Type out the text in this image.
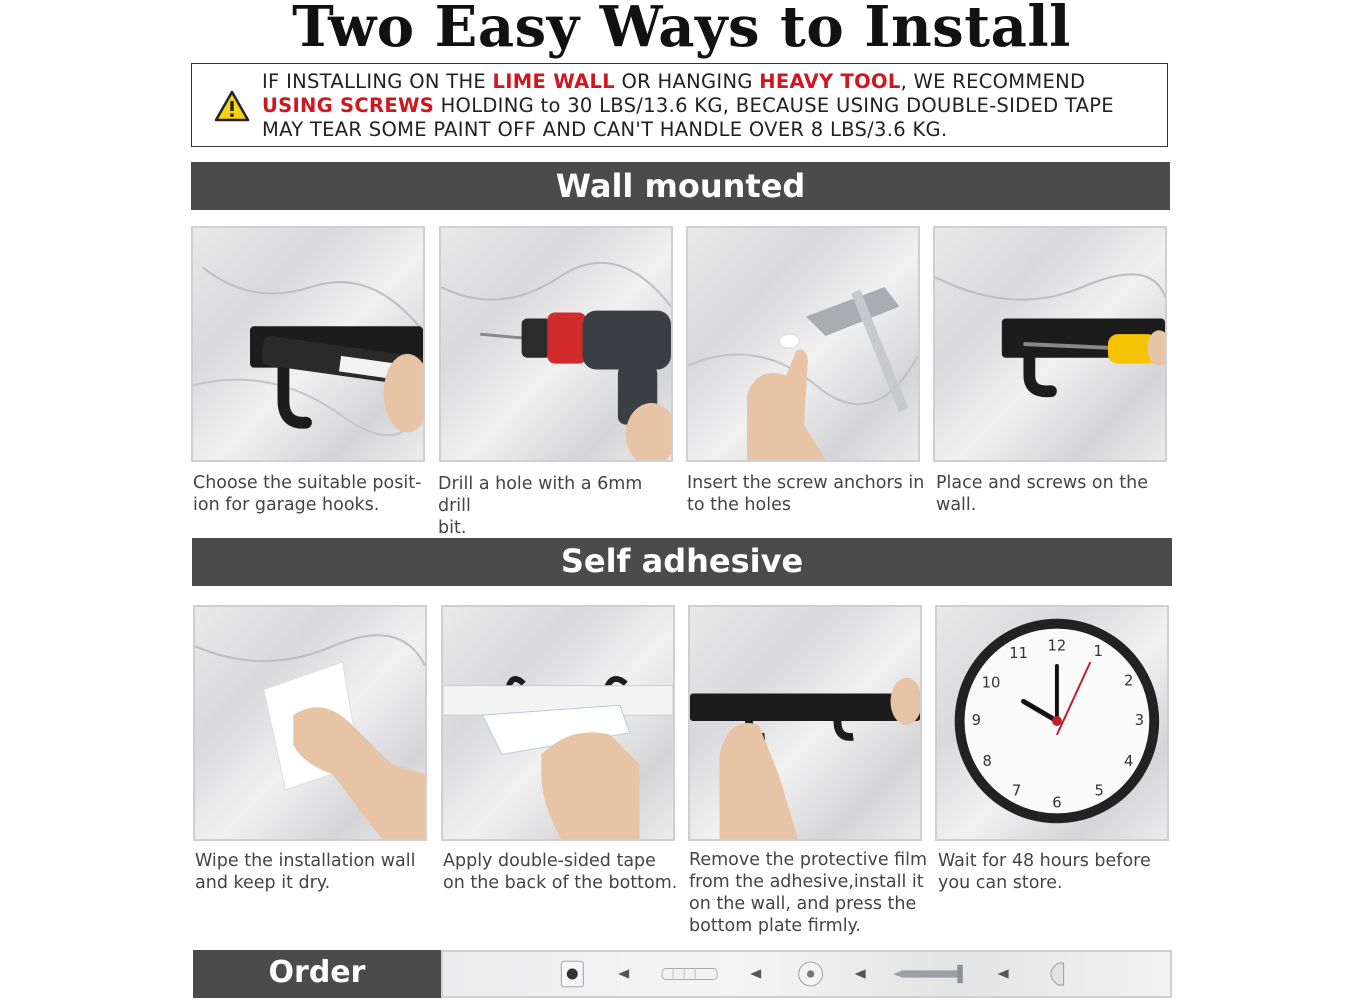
Two Easy Ways to Install
IF INSTALLING ON THE LIME WALL OR HANGING HEAVY TOOL, WE RECOMMEND
USING SCREWS HOLDING to 30 LBS/13.6 KG, BECAUSE USING DOUBLE-SIDED TAPE
MAY TEAR SOME PAINT OFF AND CAN'T HANDLE OVER 8 LBS/3.6 KG.
Wall mounted
Choose the suitable posit-
ion for garage hooks.
Drill a hole with a 6mm drill
bit.
Insert the screw anchors in
to the holes
Place and screws on the
wall.
Self adhesive
12 1
2
3
4
5
6
7
8
9
10
11
Wipe the installation wall
and keep it dry.
Apply double-sided tape
on the back of the bottom.
Remove the protective film
from the adhesive,install it
on the wall, and press the
bottom plate firmly.
Wait for 48 hours before
you can store.
Order
